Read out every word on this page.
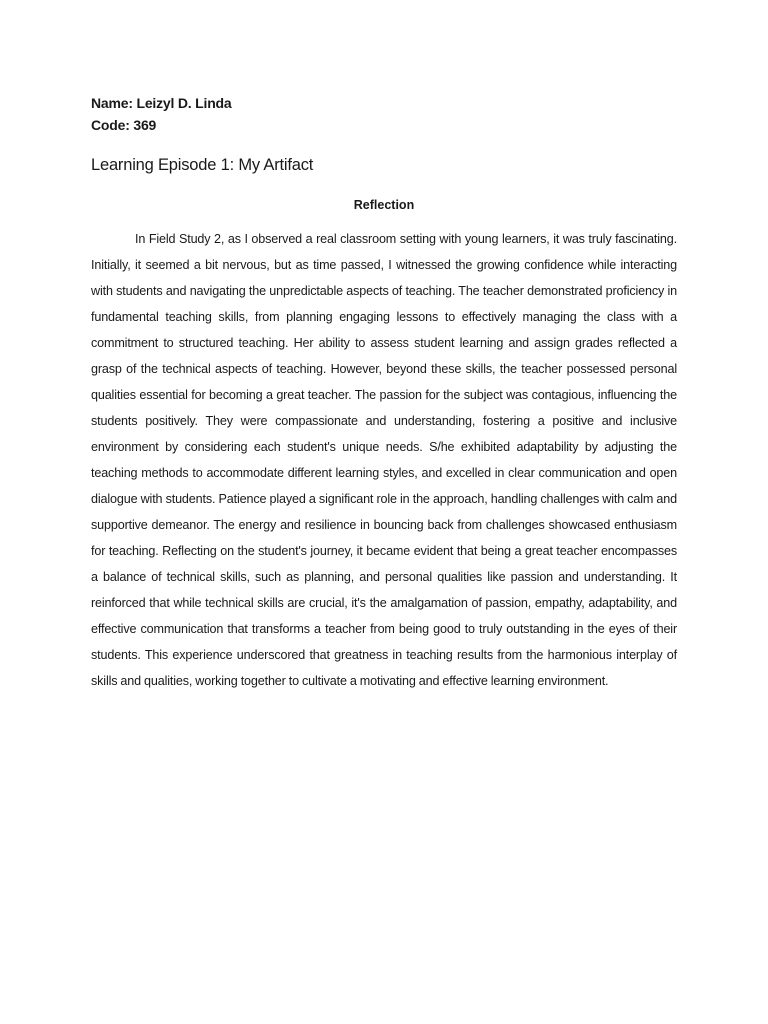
Name: Leizyl D. Linda

Code: 369

Learning Episode 1: My Artifact
Reflection

In Field Study 2, as I observed a real classroom setting with young learners, it was truly fascinating. Initially, it seemed a bit nervous, but as time passed, I witnessed the growing confidence while interacting with students and navigating the unpredictable aspects of teaching. The teacher demonstrated proficiency in fundamental teaching skills, from planning engaging lessons to effectively managing the class with a commitment to structured teaching. Her ability to assess student learning and assign grades reflected a grasp of the technical aspects of teaching. However, beyond these skills, the teacher possessed personal qualities essential for becoming a great teacher. The passion for the subject was contagious, influencing the students positively. They were compassionate and understanding, fostering a positive and inclusive environment by considering each student's unique needs. S/he exhibited adaptability by adjusting the teaching methods to accommodate different learning styles, and excelled in clear communication and open dialogue with students. Patience played a significant role in the approach, handling challenges with calm and supportive demeanor. The energy and resilience in bouncing back from challenges showcased enthusiasm for teaching. Reflecting on the student's journey, it became evident that being a great teacher encompasses a balance of technical skills, such as planning, and personal qualities like passion and understanding. It reinforced that while technical skills are crucial, it's the amalgamation of passion, empathy, adaptability, and effective communication that transforms a teacher from being good to truly outstanding in the eyes of their students. This experience underscored that greatness in teaching results from the harmonious interplay of skills and qualities, working together to cultivate a motivating and effective learning environment.
